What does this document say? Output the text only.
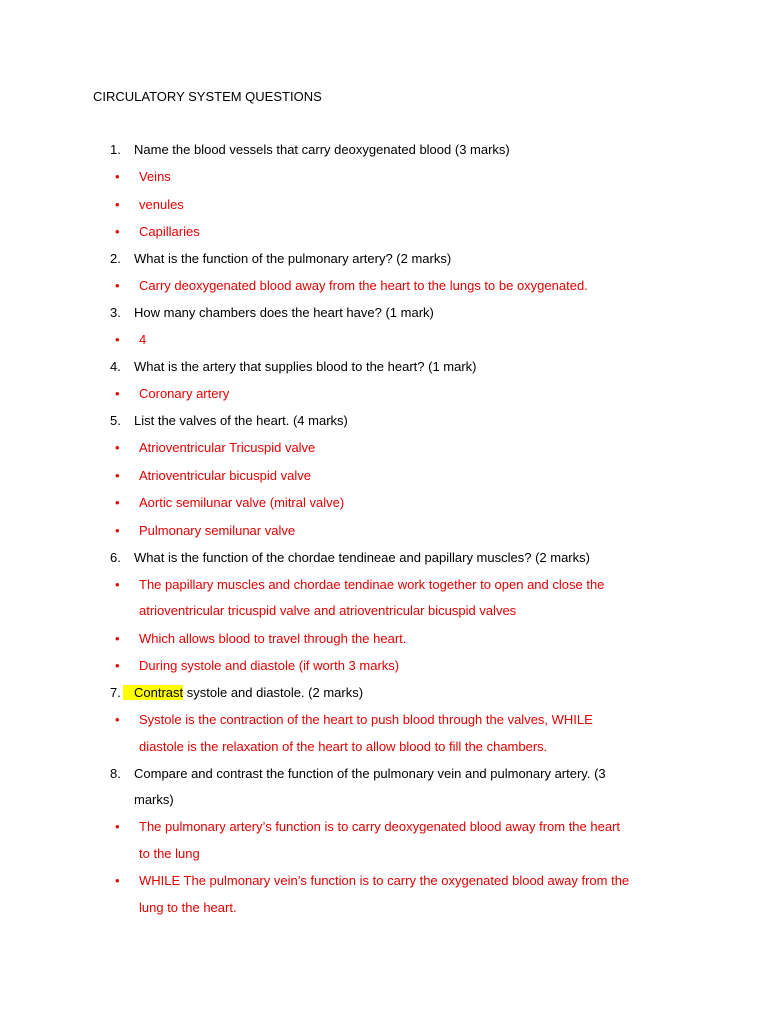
CIRCULATORY SYSTEM QUESTIONS
1.	Name the blood vessels that carry deoxygenated blood (3 marks)
• Veins
• venules
• Capillaries
2.	What is the function of the pulmonary artery? (2 marks)
• Carry deoxygenated blood away from the heart to the lungs to be oxygenated.
3.	How many chambers does the heart have? (1 mark)
• 4
4.	What is the artery that supplies blood to the heart? (1 mark)
• Coronary artery
5.	List the valves of the heart. (4 marks)
• Atrioventricular Tricuspid valve
• Atrioventricular bicuspid valve
• Aortic semilunar valve (mitral valve)
• Pulmonary semilunar valve
6.	What is the function of the chordae tendineae and papillary muscles? (2 marks)
• The papillary muscles and chordae tendinae work together to open and close the
atrioventricular tricuspid valve and atrioventricular bicuspid valves
• Which allows blood to travel through the heart.
• During systole and diastole (if worth 3 marks)
7.	Contrast systole and diastole. (2 marks)
• Systole is the contraction of the heart to push blood through the valves, WHILE
diastole is the relaxation of the heart to allow blood to fill the chambers.
8.	Compare and contrast the function of the pulmonary vein and pulmonary artery. (3
marks)
• The pulmonary artery’s function is to carry deoxygenated blood away from the heart
to the lung
• WHILE The pulmonary vein’s function is to carry the oxygenated blood away from the
lung to the heart.
